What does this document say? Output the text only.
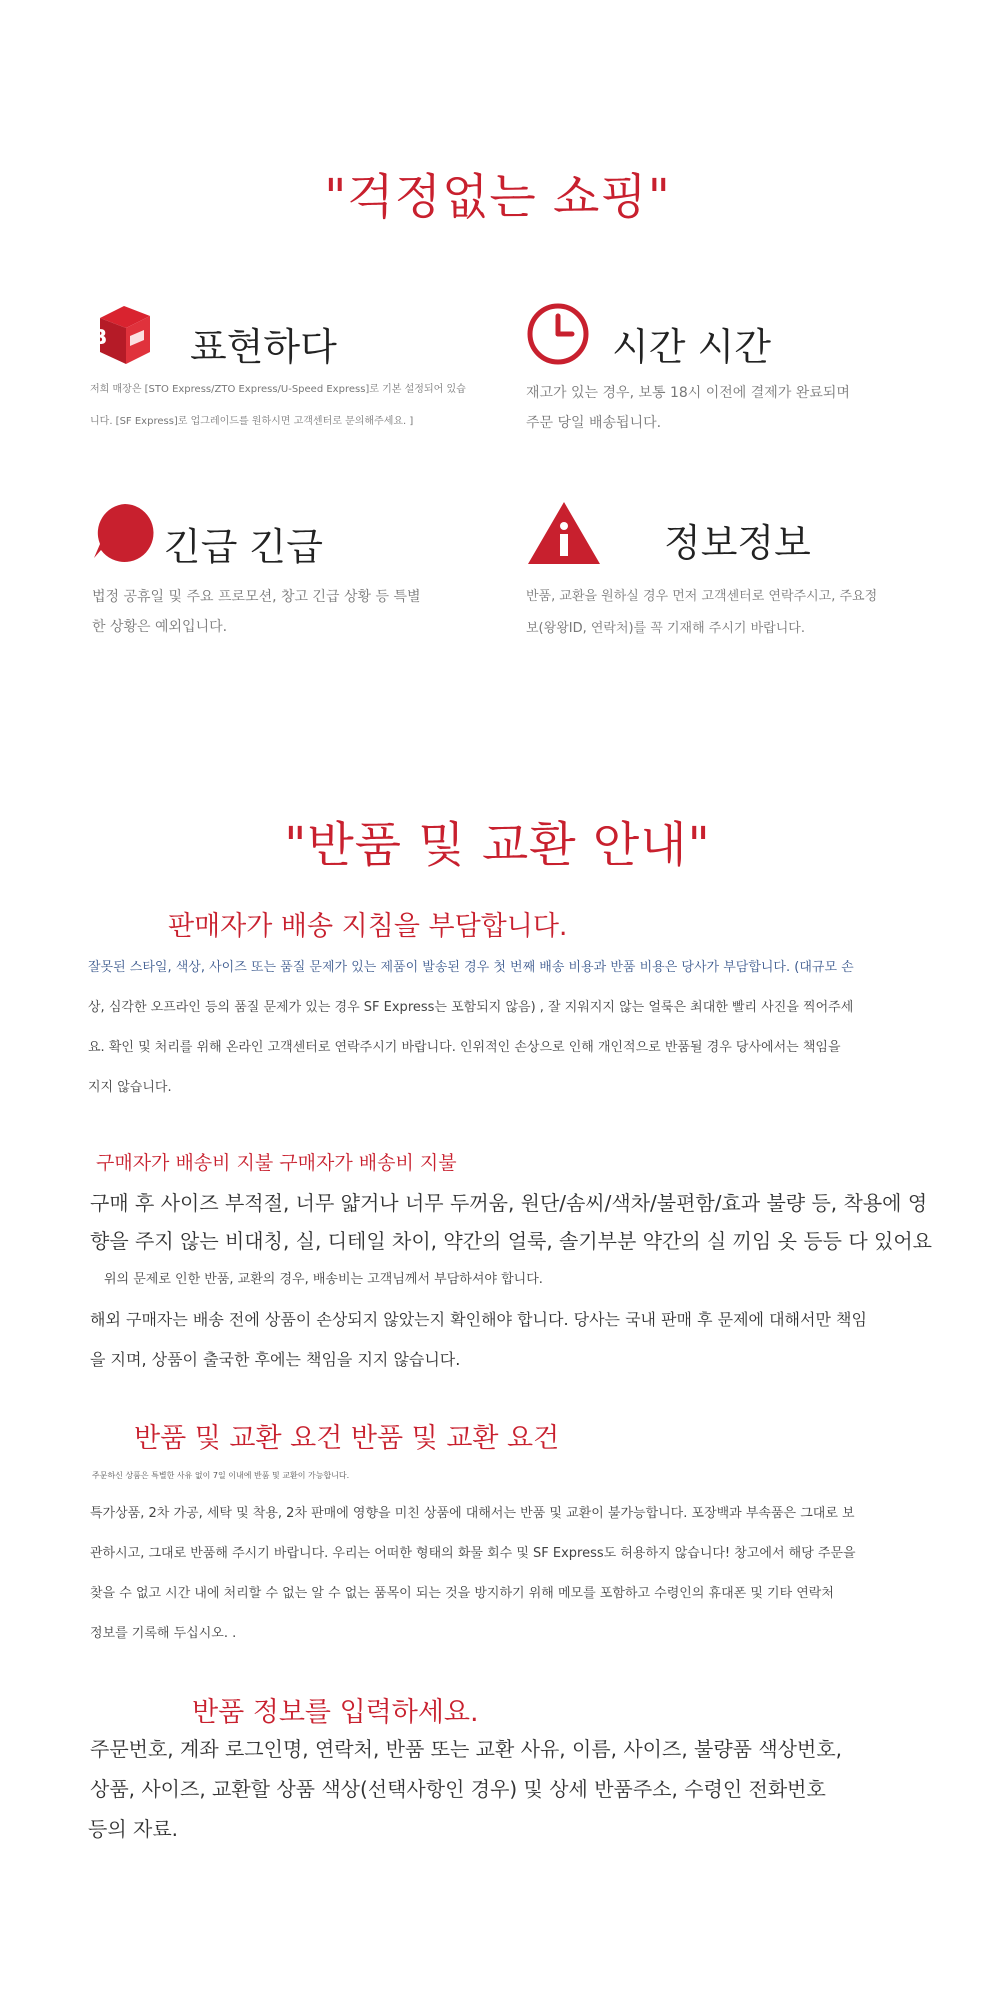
"걱정없는 쇼핑"
B 표현하다
저희 매장은 [STO Express/ZTO Express/U-Speed Express]로 기본 설정되어 있습
니다. [SF Express]로 업그레이드를 원하시면 고객센터로 문의해주세요. ]
시간 시간
재고가 있는 경우, 보통 18시 이전에 결제가 완료되며
주문 당일 배송됩니다.
긴급 긴급
법정 공휴일 및 주요 프로모션, 창고 긴급 상황 등 특별
한 상황은 예외입니다.
정보정보
반품, 교환을 원하실 경우 먼저 고객센터로 연락주시고, 주요정
보(왕왕ID, 연락처)를 꼭 기재해 주시기 바랍니다.
"반품 및 교환 안내"
판매자가 배송 지침을 부담합니다.
잘못된 스타일, 색상, 사이즈 또는 품질 문제가 있는 제품이 발송된 경우 첫 번째 배송 비용과 반품 비용은 당사가 부담합니다. (대규모 손
상, 심각한 오프라인 등의 품질 문제가 있는 경우 SF Express는 포함되지 않음) , 잘 지워지지 않는 얼룩은 최대한 빨리 사진을 찍어주세
요. 확인 및 처리를 위해 온라인 고객센터로 연락주시기 바랍니다. 인위적인 손상으로 인해 개인적으로 반품될 경우 당사에서는 책임을
지지 않습니다.
구매자가 배송비 지불 구매자가 배송비 지불
구매 후 사이즈 부적절, 너무 얇거나 너무 두꺼움, 원단/솜씨/색차/불편함/효과 불량 등, 착용에 영
향을 주지 않는 비대칭, 실, 디테일 차이, 약간의 얼룩, 솔기부분 약간의 실 끼임 옷 등등 다 있어요
위의 문제로 인한 반품, 교환의 경우, 배송비는 고객님께서 부담하셔야 합니다.
해외 구매자는 배송 전에 상품이 손상되지 않았는지 확인해야 합니다. 당사는 국내 판매 후 문제에 대해서만 책임
을 지며, 상품이 출국한 후에는 책임을 지지 않습니다.
반품 및 교환 요건 반품 및 교환 요건
주문하신 상품은 특별한 사유 없이 7일 이내에 반품 및 교환이 가능합니다.
특가상품, 2차 가공, 세탁 및 착용, 2차 판매에 영향을 미친 상품에 대해서는 반품 및 교환이 불가능합니다. 포장백과 부속품은 그대로 보
관하시고, 그대로 반품해 주시기 바랍니다. 우리는 어떠한 형태의 화물 회수 및 SF Express도 허용하지 않습니다! 창고에서 해당 주문을
찾을 수 없고 시간 내에 처리할 수 없는 알 수 없는 품목이 되는 것을 방지하기 위해 메모를 포함하고 수령인의 휴대폰 및 기타 연락처
정보를 기록해 두십시오. .
반품 정보를 입력하세요.
주문번호, 계좌 로그인명, 연락처, 반품 또는 교환 사유, 이름, 사이즈, 불량품 색상번호,
상품, 사이즈, 교환할 상품 색상(선택사항인 경우) 및 상세 반품주소, 수령인 전화번호
등의 자료.
